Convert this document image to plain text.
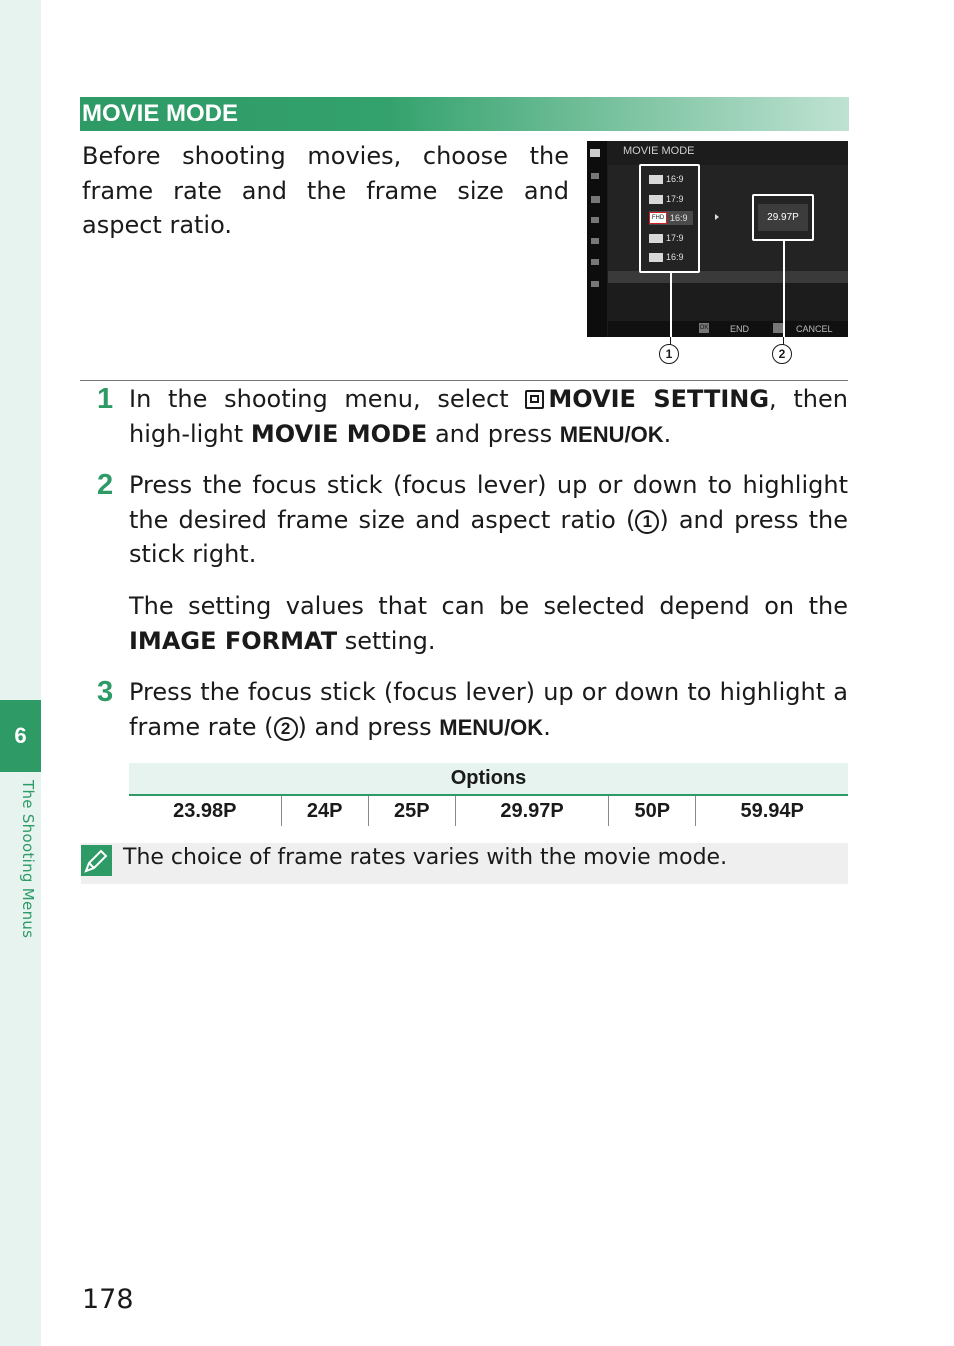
6
The Shooting Menus
MOVIE MODE
Before shooting movies, choose the frame rate and the frame size and aspect ratio.
MOVIE MODE
16:9
17:9
FHD 16:9
17:9
16:9
29.97P
OK END	CANCEL
1	2
1 In the shooting menu, select MOVIE SETTING, then high-light MOVIE MODE and press MENU/OK.
2 Press the focus stick (focus lever) up or down to highlight the desired frame size and aspect ratio ( 1 ) and press the stick right.
The setting values that can be selected depend on the IMAGE FORMAT setting.
3 Press the focus stick (focus lever) up or down to highlight a frame rate ( 2 ) and press MENU/OK.
Options
23.98P	24P	25P	29.97P	50P	59.94P
The choice of frame rates varies with the movie mode.
178
